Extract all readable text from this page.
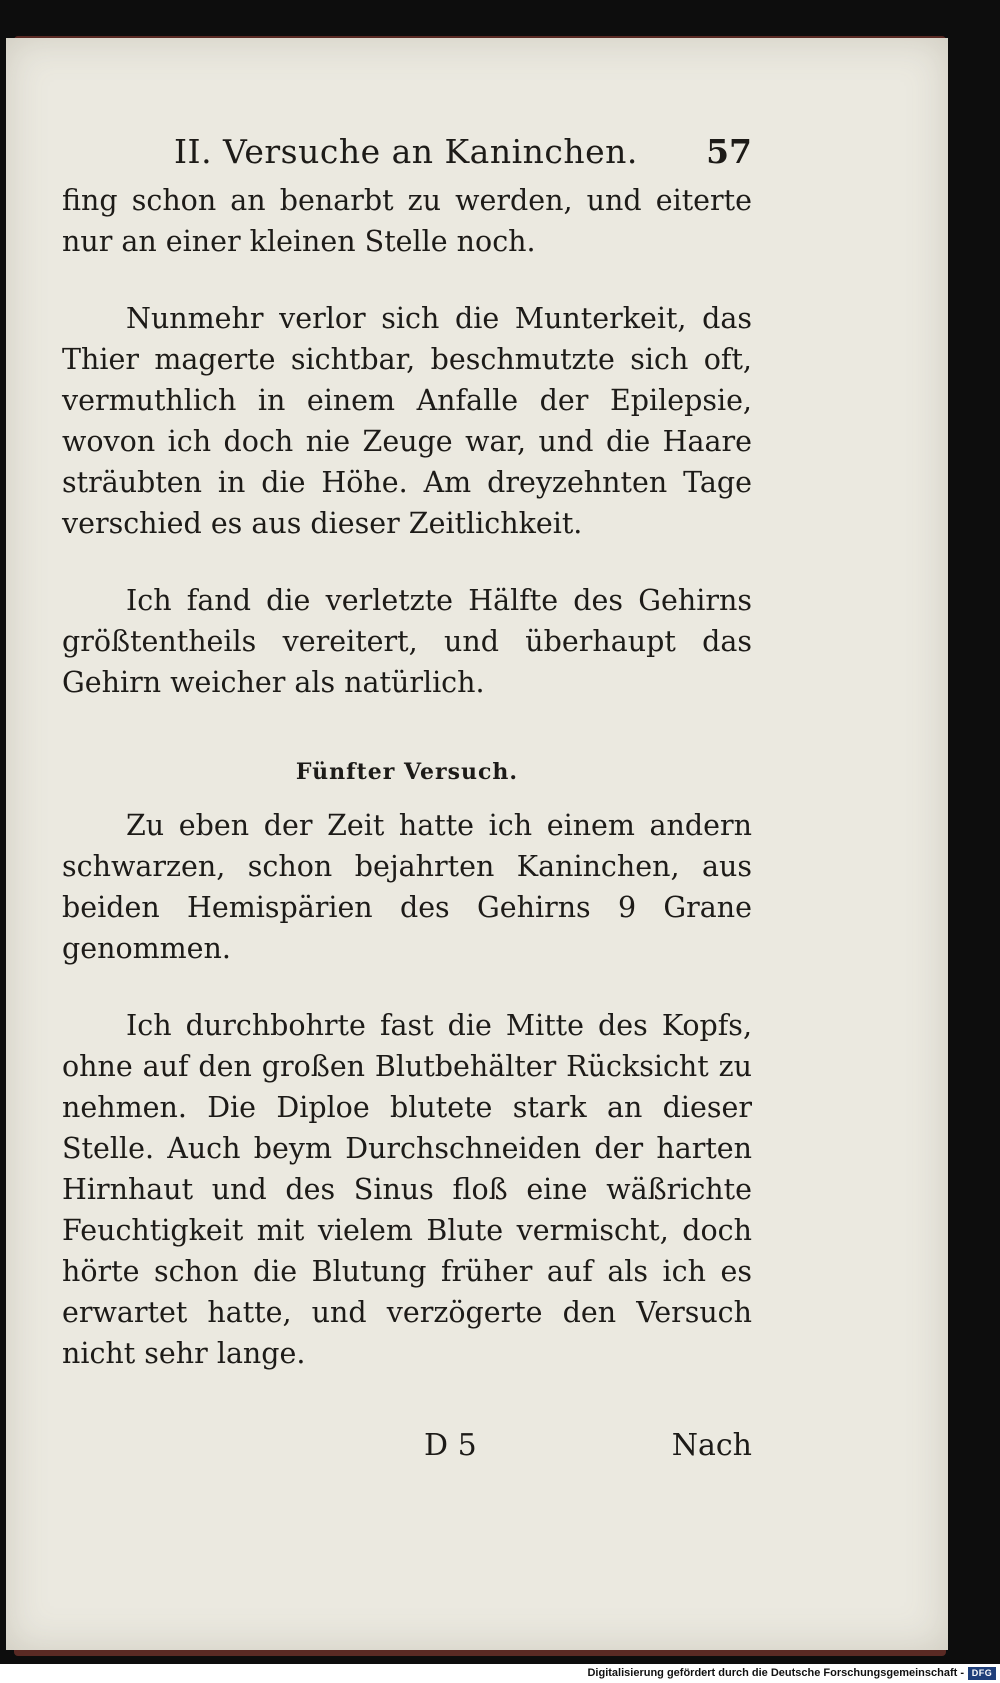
II. Versuche an Kaninchen. 57

fing schon an benarbt zu werden, und eiterte nur an einer kleinen Stelle noch.

Nunmehr verlor sich die Munterkeit, das Thier magerte sichtbar, beschmutzte sich oft, vermuthlich in einem Anfalle der Epilepsie, wovon ich doch nie Zeuge war, und die Haare sträubten in die Höhe. Am dreyzehnten Tage verschied es aus dieser Zeitlichkeit.

Ich fand die verletzte Hälfte des Gehirns größtentheils vereitert, und überhaupt das Gehirn weicher als natürlich.

Fünfter Versuch.

Zu eben der Zeit hatte ich einem andern schwarzen, schon bejahrten Kaninchen, aus beiden Hemispärien des Gehirns 9 Grane genommen.

Ich durchbohrte fast die Mitte des Kopfs, ohne auf den großen Blutbehälter Rücksicht zu nehmen. Die Diploe blutete stark an dieser Stelle. Auch beym Durchschneiden der harten Hirnhaut und des Sinus floß eine wäßrichte Feuchtigkeit mit vielem Blute vermischt, doch hörte schon die Blutung früher auf als ich es erwartet hatte, und verzögerte den Versuch nicht sehr lange.

D 5	Nach
Digitalisierung gefördert durch die Deutsche Forschungsgemeinschaft - DFG
